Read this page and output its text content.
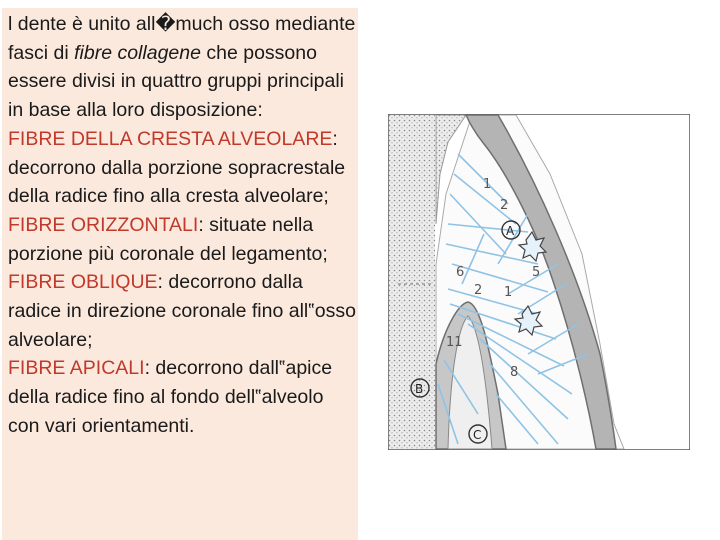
l dente è unito all�much osso mediante fasci di fibre collagene che possono essere divisi in quattro gruppi principali in base alla loro disposizione:
FIBRE DELLA CRESTA ALVEOLARE: decorrono dalla porzione sopracrestale della radice fino alla cresta alveolare;
FIBRE ORIZZONTALI: situate nella porzione più coronale del legamento;
FIBRE OBLIQUE: decorrono dalla radice in direzione coronale fino all‟osso alveolare;
FIBRE APICALI: decorrono dall‟apice della radice fino al fondo dell‟alveolo con vari orientamenti.

1
2
6
2 1
5
11
8
A
B
C
